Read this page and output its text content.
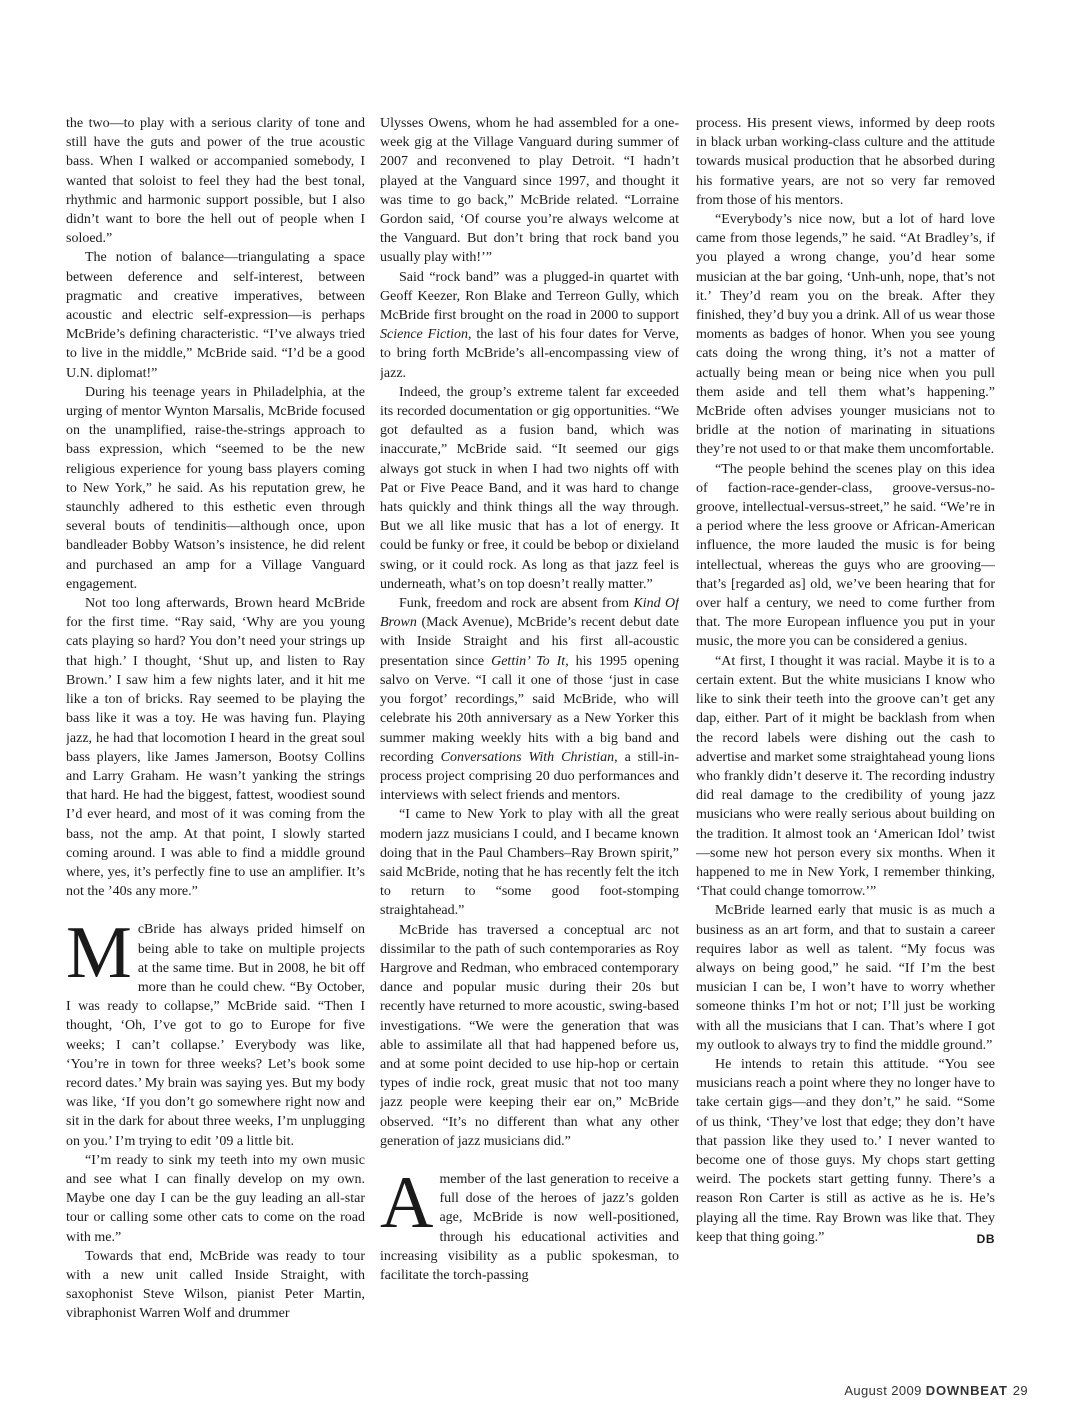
the two—to play with a serious clarity of tone and still have the guts and power of the true acoustic bass. When I walked or accompanied somebody, I wanted that soloist to feel they had the best tonal, rhythmic and harmonic support possible, but I also didn’t want to bore the hell out of people when I soloed.”

The notion of balance—triangulating a space between deference and self-interest, between pragmatic and creative imperatives, between acoustic and electric self-expression—is perhaps McBride’s defining characteristic. “I’ve always tried to live in the middle,” McBride said. “I’d be a good U.N. diplomat!”

During his teenage years in Philadelphia, at the urging of mentor Wynton Marsalis, McBride focused on the unamplified, raise-the-strings approach to bass expression, which “seemed to be the new religious experience for young bass players coming to New York,” he said. As his reputation grew, he staunchly adhered to this esthetic even through several bouts of tendinitis—although once, upon bandleader Bobby Watson’s insistence, he did relent and purchased an amp for a Village Vanguard engagement.

Not too long afterwards, Brown heard McBride for the first time. “Ray said, ‘Why are you young cats playing so hard? You don’t need your strings up that high.’ I thought, ‘Shut up, and listen to Ray Brown.’ I saw him a few nights later, and it hit me like a ton of bricks. Ray seemed to be playing the bass like it was a toy. He was having fun. Playing jazz, he had that locomotion I heard in the great soul bass players, like James Jamerson, Bootsy Collins and Larry Graham. He wasn’t yanking the strings that hard. He had the biggest, fattest, woodiest sound I’d ever heard, and most of it was coming from the bass, not the amp. At that point, I slowly started coming around. I was able to find a middle ground where, yes, it’s perfectly fine to use an amplifier. It’s not the ’40s any more.”

McBride has always prided himself on being able to take on multiple projects at the same time. But in 2008, he bit off more than he could chew. “By October, I was ready to collapse,” McBride said. “Then I thought, ‘Oh, I’ve got to go to Europe for five weeks; I can’t collapse.’ Everybody was like, ‘You’re in town for three weeks? Let’s book some record dates.’ My brain was saying yes. But my body was like, ‘If you don’t go somewhere right now and sit in the dark for about three weeks, I’m unplugging on you.’ I’m trying to edit ’09 a little bit.

“I’m ready to sink my teeth into my own music and see what I can finally develop on my own. Maybe one day I can be the guy leading an all-star tour or calling some other cats to come on the road with me.”

Towards that end, McBride was ready to tour with a new unit called Inside Straight, with saxophonist Steve Wilson, pianist Peter Martin, vibraphonist Warren Wolf and drummer

Ulysses Owens, whom he had assembled for a one-week gig at the Village Vanguard during summer of 2007 and reconvened to play Detroit. “I hadn’t played at the Vanguard since 1997, and thought it was time to go back,” McBride related. “Lorraine Gordon said, ‘Of course you’re always welcome at the Vanguard. But don’t bring that rock band you usually play with!’”

Said “rock band” was a plugged-in quartet with Geoff Keezer, Ron Blake and Terreon Gully, which McBride first brought on the road in 2000 to support Science Fiction, the last of his four dates for Verve, to bring forth McBride’s all-encompassing view of jazz.

Indeed, the group’s extreme talent far exceeded its recorded documentation or gig opportunities. “We got defaulted as a fusion band, which was inaccurate,” McBride said. “It seemed our gigs always got stuck in when I had two nights off with Pat or Five Peace Band, and it was hard to change hats quickly and think things all the way through. But we all like music that has a lot of energy. It could be funky or free, it could be bebop or dixieland swing, or it could rock. As long as that jazz feel is underneath, what’s on top doesn’t really matter.”

Funk, freedom and rock are absent from Kind Of Brown (Mack Avenue), McBride’s recent debut date with Inside Straight and his first all-acoustic presentation since Gettin’ To It, his 1995 opening salvo on Verve. “I call it one of those ‘just in case you forgot’ recordings,” said McBride, who will celebrate his 20th anniversary as a New Yorker this summer making weekly hits with a big band and recording Conversations With Christian, a still-in-process project comprising 20 duo performances and interviews with select friends and mentors.

“I came to New York to play with all the great modern jazz musicians I could, and I became known doing that in the Paul Chambers–Ray Brown spirit,” said McBride, noting that he has recently felt the itch to return to “some good foot-stomping straightahead.”

McBride has traversed a conceptual arc not dissimilar to the path of such contemporaries as Roy Hargrove and Redman, who embraced contemporary dance and popular music during their 20s but recently have returned to more acoustic, swing-based investigations. “We were the generation that was able to assimilate all that had happened before us, and at some point decided to use hip-hop or certain types of indie rock, great music that not too many jazz people were keeping their ear on,” McBride observed. “It’s no different than what any other generation of jazz musicians did.”

Amember of the last generation to receive a full dose of the heroes of jazz’s golden age, McBride is now well-positioned, through his educational activities and increasing visibility as a public spokesman, to facilitate the torch-passing

process. His present views, informed by deep roots in black urban working-class culture and the attitude towards musical production that he absorbed during his formative years, are not so very far removed from those of his mentors.

“Everybody’s nice now, but a lot of hard love came from those legends,” he said. “At Bradley’s, if you played a wrong change, you’d hear some musician at the bar going, ‘Unh-unh, nope, that’s not it.’ They’d ream you on the break. After they finished, they’d buy you a drink. All of us wear those moments as badges of honor. When you see young cats doing the wrong thing, it’s not a matter of actually being mean or being nice when you pull them aside and tell them what’s happening.” McBride often advises younger musicians not to bridle at the notion of marinating in situations they’re not used to or that make them uncomfortable.

“The people behind the scenes play on this idea of faction-race-gender-class, groove-versus-no-groove, intellectual-versus-street,” he said. “We’re in a period where the less groove or African-American influence, the more lauded the music is for being intellectual, whereas the guys who are grooving—that’s [regarded as] old, we’ve been hearing that for over half a century, we need to come further from that. The more European influence you put in your music, the more you can be considered a genius.

“At first, I thought it was racial. Maybe it is to a certain extent. But the white musicians I know who like to sink their teeth into the groove can’t get any dap, either. Part of it might be backlash from when the record labels were dishing out the cash to advertise and market some straightahead young lions who frankly didn’t deserve it. The recording industry did real damage to the credibility of young jazz musicians who were really serious about building on the tradition. It almost took an ‘American Idol’ twist—some new hot person every six months. When it happened to me in New York, I remember thinking, ‘That could change tomorrow.’”

McBride learned early that music is as much a business as an art form, and that to sustain a career requires labor as well as talent. “My focus was always on being good,” he said. “If I’m the best musician I can be, I won’t have to worry whether someone thinks I’m hot or not; I’ll just be working with all the musicians that I can. That’s where I got my outlook to always try to find the middle ground.”

He intends to retain this attitude. “You see musicians reach a point where they no longer have to take certain gigs—and they don’t,” he said. “Some of us think, ‘They’ve lost that edge; they don’t have that passion like they used to.’ I never wanted to become one of those guys. My chops start getting weird. The pockets start getting funny. There’s a reason Ron Carter is still as active as he is. He’s playing all the time. Ray Brown was like that. They keep that thing going.”	DB

August 2009 DOWNBEAT 29
